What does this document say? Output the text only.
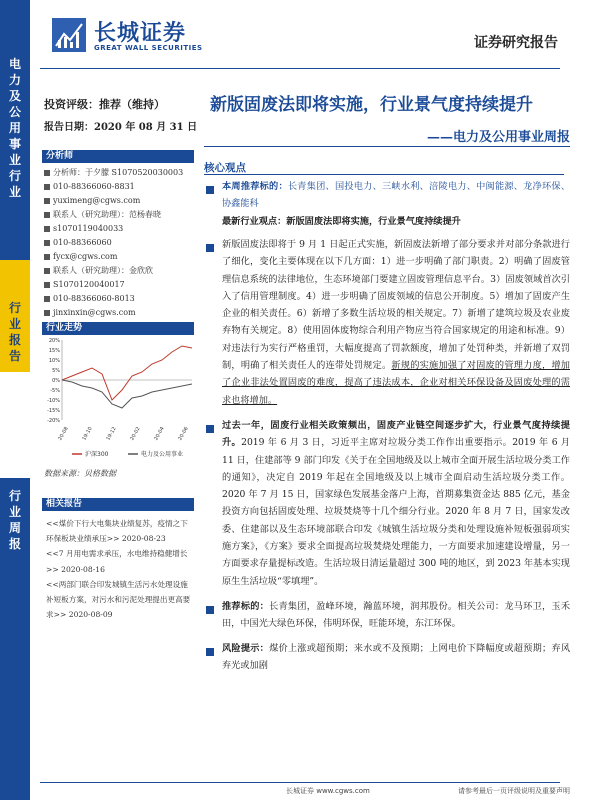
电
力
及
公
用
事
业
行
业
行
业
报
告
行
业
周
报
长城证券
GREAT WALL SECURITIES	证券研究报告
投资评级：推荐（维持）
报告日期：2020 年 08 月 31 日
分析师
分析师：于夕朦 S1070520030003
010-88366060-8831
yuximeng@cgws.com
联系人（研究助理）：范杨春晓
s1070119040033
010-88366060
fycx@cgws.com
联系人（研究助理）：金欣欣
S1070120040017
010-88366060-8013
jinxinxin@cgws.com
行业走势
20%
15%
10%
5%
0%
-5%
-10%
-15%
-20%
20-08 19-10 19-12 20-02 20-04 20-06
沪深300	电力及公用事业
数据来源：贝格数据
相关报告
<<煤价下行大电集块业绩复苏，疫情之下环保板块业绩承压>> 2020-08-23
<<7 月用电需求承压，水电维持稳健增长>> 2020-08-16
<<两部门联合印发城镇生活污水处理设施补短板方案，对污水和污泥处理提出更高要求>> 2020-08-09
新版固废法即将实施，行业景气度持续提升
——电力及公用事业周报
核心观点
本周推荐标的：长青集团、国投电力、三峡水利、涪陵电力、中闽能源、龙净环保、协鑫能科
最新行业观点：新版固废法即将实施，行业景气度持续提升
新版固废法即将于 9 月 1 日起正式实施，新固废法新增了部分要求并对部分条款进行了细化，变化主要体现在以下几方面：1）进一步明确了部门职责。2）明确了固废管理信息系统的法律地位，生态环境部门要建立固废管理信息平台。3）固废领域首次引入了信用管理制度。4）进一步明确了固废领域的信息公开制度。5）增加了固废产生企业的相关责任。6）新增了多数生活垃圾的相关规定。7）新增了建筑垃圾及农业废弃物有关规定。8）使用固体废物综合利用产物应当符合国家规定的用途和标准。9）对违法行为实行严格重罚，大幅度提高了罚款额度，增加了处罚种类，并新增了双罚制，明确了相关责任人的连带处罚规定。新规的实施加强了对固废的管理力度，增加了企业非法处置固废的难度，提高了违法成本，企业对相关环保设备及固废处理的需求也将增加。
过去一年，固废行业相关政策频出，固废产业链空间逐步扩大，行业景气度持续提升。2019 年 6 月 3 日，习近平主席对垃圾分类工作作出重要指示。2019 年 6 月 11 日，住建部等 9 部门印发《关于在全国地级及以上城市全面开展生活垃圾分类工作的通知》，决定自 2019 年起在全国地级及以上城市全面启动生活垃圾分类工作。2020 年 7 月 15 日，国家绿色发展基金落户上海，首期募集资金达 885 亿元，基金投资方向包括固废处理、垃圾焚烧等十几个细分行业。2020 年 8 月 7 日，国家发改委、住建部以及生态环境部联合印发《城镇生活垃圾分类和处理设施补短板强弱项实施方案》，《方案》要求全面提高垃圾焚烧处理能力，一方面要求加速建设增量，另一方面要求存量提标改造。生活垃圾日清运量超过 300 吨的地区，到 2023 年基本实现原生生活垃圾“零填埋”。
推荐标的：长青集团，盈峰环境，瀚蓝环境，润邦股份。相关公司：龙马环卫，玉禾田，中国光大绿色环保，伟明环保，旺能环境，东江环保。
风险提示：煤价上涨或超预期；来水或不及预期；上网电价下降幅度或超预期；弃风弃光或加剧
长城证券 www.cgws.com	请参考最后一页评级说明及重要声明
